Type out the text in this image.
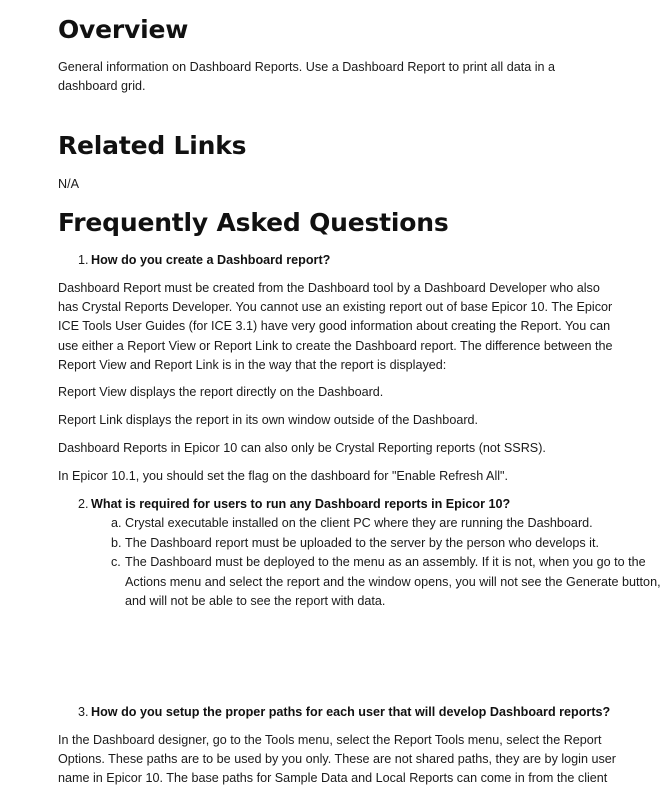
Overview

General information on Dashboard Reports. Use a Dashboard Report to print all data in a dashboard grid.

Related Links

N/A

Frequently Asked Questions
1. How do you create a Dashboard report?

Dashboard Report must be created from the Dashboard tool by a Dashboard Developer who also has Crystal Reports Developer. You cannot use an existing report out of base Epicor 10. The Epicor ICE Tools User Guides (for ICE 3.1) have very good information about creating the Report. You can use either a Report View or Report Link to create the Dashboard report. The difference between the Report View and Report Link is in the way that the report is displayed:

Report View displays the report directly on the Dashboard.

Report Link displays the report in its own window outside of the Dashboard.

Dashboard Reports in Epicor 10 can also only be Crystal Reporting reports (not SSRS).

In Epicor 10.1, you should set the flag on the dashboard for "Enable Refresh All".

2. What is required for users to run any Dashboard reports in Epicor 10?
a. Crystal executable installed on the client PC where they are running the Dashboard.
b. The Dashboard report must be uploaded to the server by the person who develops it.
c. The Dashboard must be deployed to the menu as an assembly. If it is not, when you go to the Actions menu and select the report and the window opens, you will not see the Generate button, and will not be able to see the report with data.
3. How do you setup the proper paths for each user that will develop Dashboard reports?

In the Dashboard designer, go to the Tools menu, select the Report Tools menu, select the Report Options. These paths are to be used by you only. These are not shared paths, they are by login user name in Epicor 10. The base paths for Sample Data and Local Reports can come in from the client
